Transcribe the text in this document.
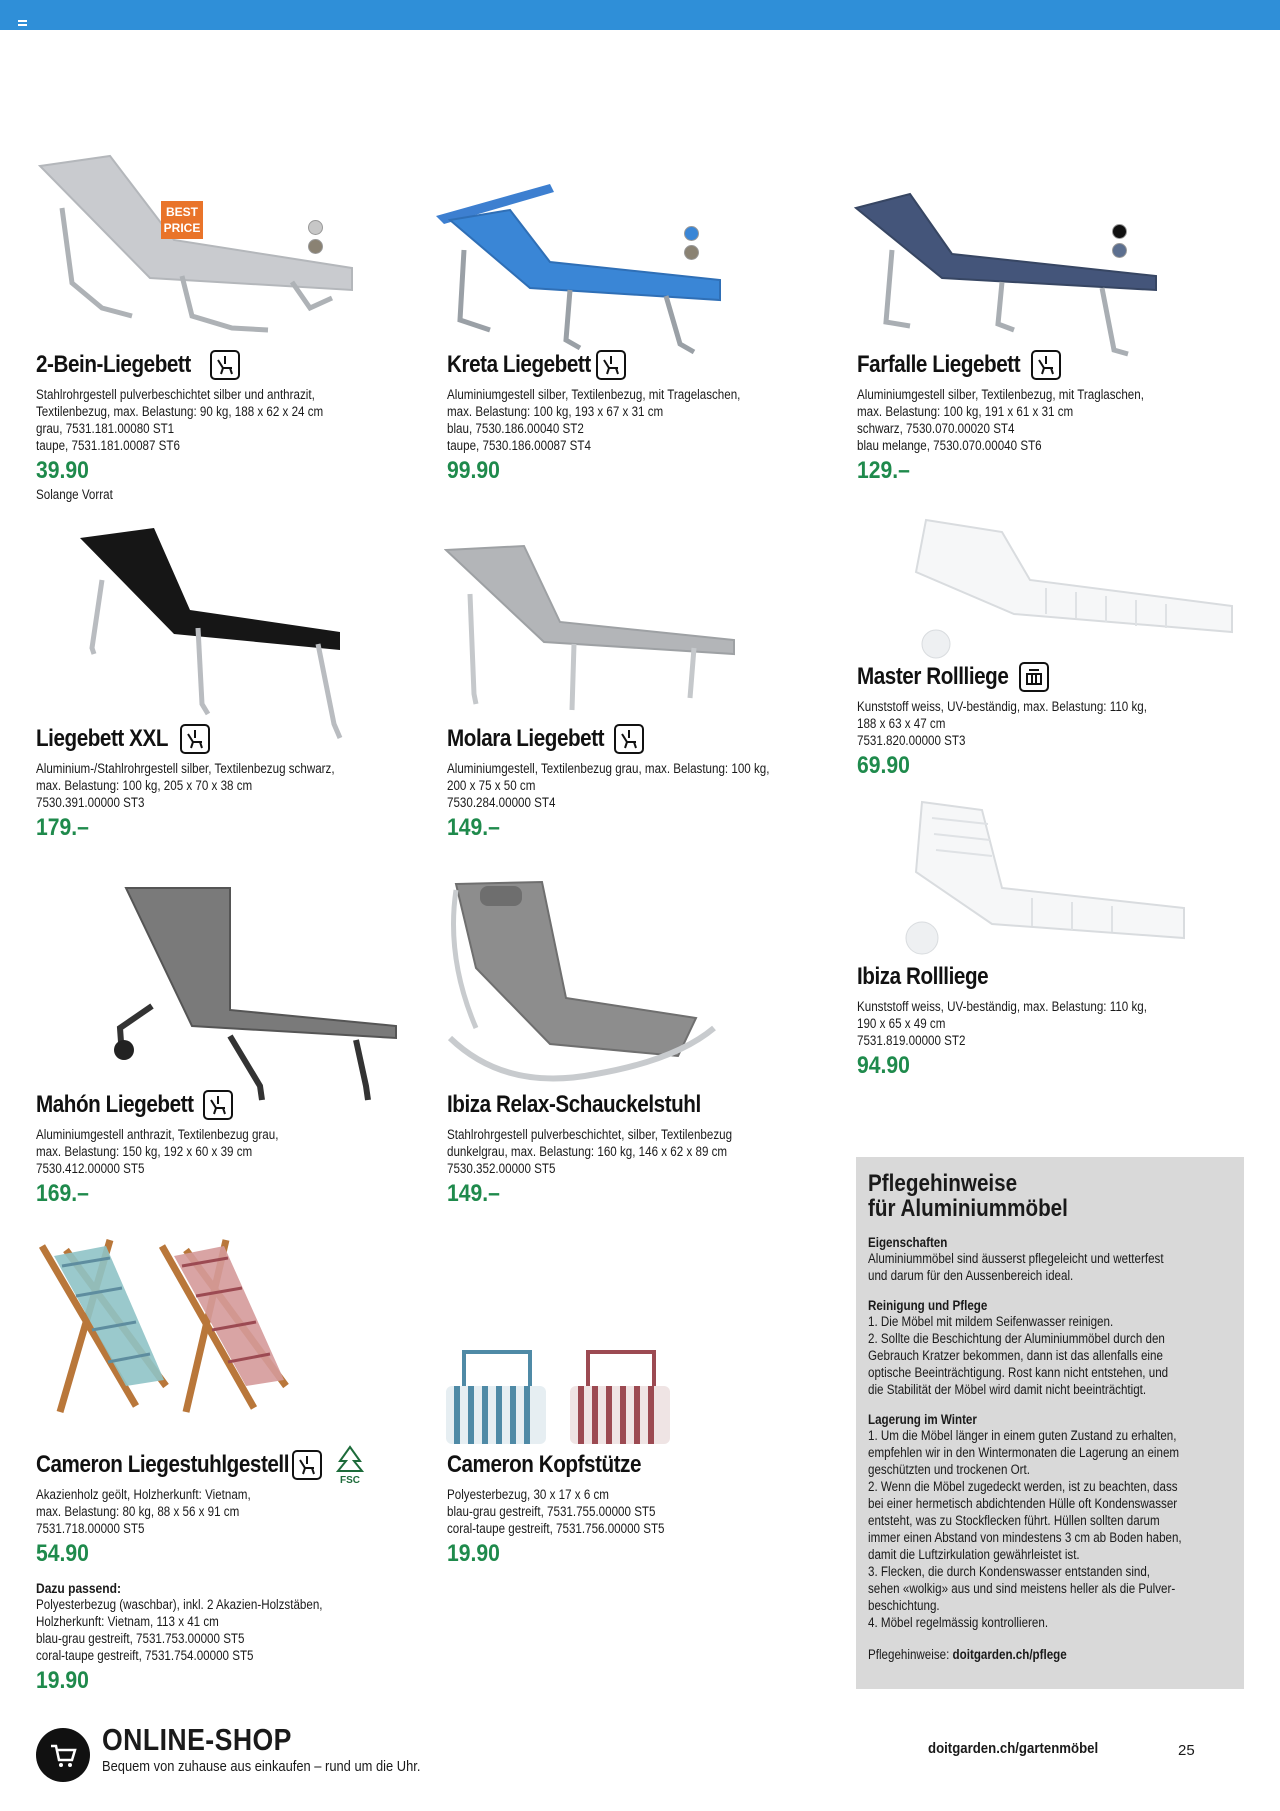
BEST
PRICE
2-Bein-Liegebett
Stahlrohrgestell pulverbeschichtet silber und anthrazit,
Textilenbezug, max. Belastung: 90 kg, 188 x 62 x 24 cm
grau, 7531.181.00080 ST1
taupe, 7531.181.00087 ST6
39.90
Solange Vorrat
Kreta Liegebett
Aluminiumgestell silber, Textilenbezug, mit Tragelaschen,
max. Belastung: 100 kg, 193 x 67 x 31 cm
blau, 7530.186.00040 ST2
taupe, 7530.186.00087 ST4
99.90
Farfalle Liegebett
Aluminiumgestell silber, Textilenbezug, mit Traglaschen,
max. Belastung: 100 kg, 191 x 61 x 31 cm
schwarz, 7530.070.00020 ST4
blau melange, 7530.070.00040 ST6
129.–
Liegebett XXL
Aluminium-/Stahlrohrgestell silber, Textilenbezug schwarz,
max. Belastung: 100 kg, 205 x 70 x 38 cm
7530.391.00000 ST3
179.–
Molara Liegebett
Aluminiumgestell, Textilenbezug grau, max. Belastung: 100 kg,
200 x 75 x 50 cm
7530.284.00000 ST4
149.–
Master Rollliege
Kunststoff weiss, UV-beständig, max. Belastung: 110 kg,
188 x 63 x 47 cm
7531.820.00000 ST3
69.90
Ibiza Rollliege
Kunststoff weiss, UV-beständig, max. Belastung: 110 kg,
190 x 65 x 49 cm
7531.819.00000 ST2
94.90
Mahón Liegebett
Aluminiumgestell anthrazit, Textilenbezug grau,
max. Belastung: 150 kg, 192 x 60 x 39 cm
7530.412.00000 ST5
169.–
Ibiza Relax-Schauckelstuhl
Stahlrohrgestell pulverbeschichtet, silber, Textilenbezug
dunkelgrau, max. Belastung: 160 kg, 146 x 62 x 89 cm
7530.352.00000 ST5
149.–	Pflegehinweise
für Aluminiummöbel
Eigenschaften

Aluminiummöbel sind äusserst pflegeleicht und wetterfest

und darum für den Aussenbereich ideal.

Reinigung und Pflege
1. Die Möbel mit mildem Seifenwasser reinigen.
2. Sollte die Beschichtung der Aluminiummöbel durch den
Gebrauch Kratzer bekommen, dann ist das allenfalls eine
optische Beeinträchtigung. Rost kann nicht entstehen, und
die Stabilität der Möbel wird damit nicht beeinträchtigt.
Lagerung im Winter
1. Um die Möbel länger in einem guten Zustand zu erhalten,
empfehlen wir in den Wintermonaten die Lagerung an einem
geschützten und trockenen Ort.
2. Wenn die Möbel zugedeckt werden, ist zu beachten, dass
bei einer hermetisch abdichtenden Hülle oft Kondenswasser
entsteht, was zu Stockflecken führt. Hüllen sollten darum
immer einen Abstand von mindestens 3 cm ab Boden haben,
damit die Luftzirkulation gewährleistet ist.
3. Flecken, die durch Kondenswasser entstanden sind,
sehen «wolkig» aus und sind meistens heller als die Pulver-
beschichtung.
4. Möbel regelmässig kontrollieren.
Pflegehinweise: doitgarden.ch/pflege
Cameron Liegestuhlgestell
FSC
Akazienholz geölt, Holzherkunft: Vietnam,
max. Belastung: 80 kg, 88 x 56 x 91 cm
7531.718.00000 ST5
54.90
Dazu passend:
Polyesterbezug (waschbar), inkl. 2 Akazien-Holzstäben,
Holzherkunft: Vietnam, 113 x 41 cm
blau-grau gestreift, 7531.753.00000 ST5
coral-taupe gestreift, 7531.754.00000 ST5
19.90
Cameron Kopfstütze
Polyesterbezug, 30 x 17 x 6 cm
blau-grau gestreift, 7531.755.00000 ST5
coral-taupe gestreift, 7531.756.00000 ST5
19.90
ONLINE-SHOP
Bequem von zuhause aus einkaufen – rund um die Uhr.
doitgarden.ch/gartenmöbel	25
